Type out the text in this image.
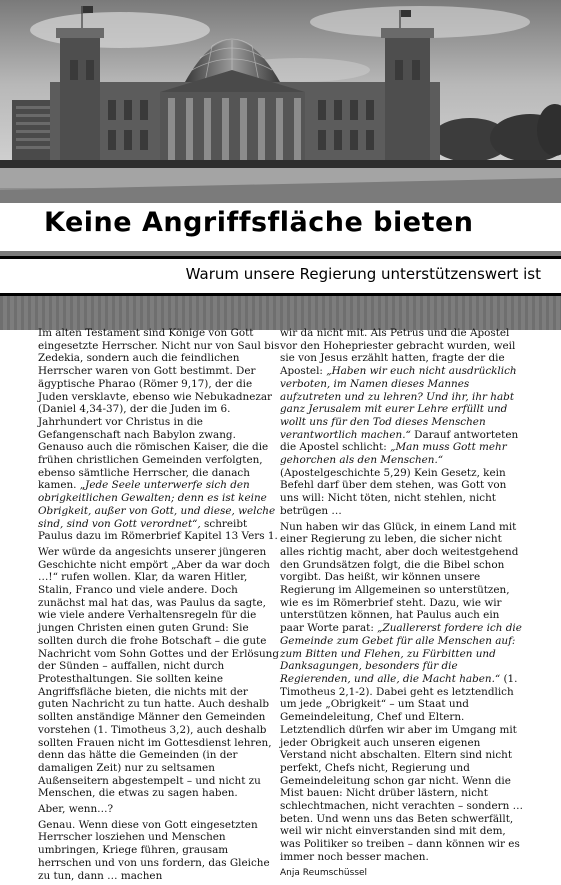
Keine Angriffsfläche bieten
Warum unsere Regierung unterstützenswert ist

Im alten Testament sind Könige von Gott eingesetzte Herrscher. Nicht nur von Saul bis Zedekia, sondern auch die feindlichen Herrscher waren von Gott bestimmt. Der ägyptische Pharao (Römer 9,17), der die Juden versklavte, ebenso wie Nebukadnezar (Daniel 4,34-37), der die Juden im 6. Jahrhundert vor Christus in die Gefangenschaft nach Babylon zwang. Genauso auch die römischen Kaiser, die die frühen christlichen Gemeinden verfolgten, ebenso sämtliche Herrscher, die danach kamen. „Jede Seele unterwerfe sich den obrigkeitlichen Gewalten; denn es ist keine Obrigkeit, außer von Gott, und diese, welche sind, sind von Gott verordnet“, schreibt Paulus dazu im Römerbrief Kapitel 13 Vers 1.

Wer würde da angesichts unserer jüngeren Geschichte nicht empört „Aber da war doch …!“ rufen wollen. Klar, da waren Hitler, Stalin, Franco und viele andere. Doch zunächst mal hat das, was Paulus da sagte, wie viele andere Verhaltensregeln für die jungen Christen einen guten Grund: Sie sollten durch die frohe Botschaft – die gute Nachricht vom Sohn Gottes und der Erlösung der Sünden – auffallen, nicht durch Protesthaltungen. Sie sollten keine Angriffsfläche bieten, die nichts mit der guten Nachricht zu tun hatte. Auch deshalb sollten anständige Männer den Gemeinden vorstehen (1. Timotheus 3,2), auch deshalb sollten Frauen nicht im Gottesdienst lehren, denn das hätte die Gemeinden (in der damaligen Zeit) nur zu seltsamen Außenseitern abgestempelt – und nicht zu Menschen, die etwas zu sagen haben.

Aber, wenn…?

Genau. Wenn diese von Gott eingesetzten Herrscher losziehen und Menschen umbringen, Kriege führen, grausam herrschen und von uns fordern, das Gleiche zu tun, dann … machen

wir da nicht mit. Als Petrus und die Apostel vor den Hohepriester gebracht wurden, weil sie von Jesus erzählt hatten, fragte der die Apostel: „Haben wir euch nicht ausdrücklich verboten, im Namen dieses Mannes aufzutreten und zu lehren? Und ihr, ihr habt ganz Jerusalem mit eurer Lehre erfüllt und wollt uns für den Tod dieses Menschen verantwortlich machen.“ Darauf antworteten die Apostel schlicht: „Man muss Gott mehr gehorchen als den Menschen.“ (Apostelgeschichte 5,29) Kein Gesetz, kein Befehl darf über dem stehen, was Gott von uns will: Nicht töten, nicht stehlen, nicht betrügen …

Nun haben wir das Glück, in einem Land mit einer Regierung zu leben, die sicher nicht alles richtig macht, aber doch weitestgehend den Grundsätzen folgt, die die Bibel schon vorgibt. Das heißt, wir können unsere Regierung im Allgemeinen so unterstützen, wie es im Römerbrief steht. Dazu, wie wir unterstützen können, hat Paulus auch ein paar Worte parat: „Zuallererst fordere ich die Gemeinde zum Gebet für alle Menschen auf: zum Bitten und Flehen, zu Fürbitten und Danksagungen, besonders für die Regierenden, und alle, die Macht haben.“ (1. Timotheus 2,1-2). Dabei geht es letztendlich um jede „Obrigkeit“ – um Staat und Gemeindeleitung, Chef und Eltern. Letztendlich dürfen wir aber im Umgang mit jeder Obrigkeit auch unseren eigenen Verstand nicht abschalten. Eltern sind nicht perfekt, Chefs nicht, Regierung und Gemeindeleitung schon gar nicht. Wenn die Mist bauen: Nicht drüber lästern, nicht schlechtmachen, nicht verachten – sondern … beten. Und wenn uns das Beten schwerfällt, weil wir nicht einverstanden sind mit dem, was Politiker so treiben – dann können wir es immer noch besser machen.

Anja Reumschüssel
